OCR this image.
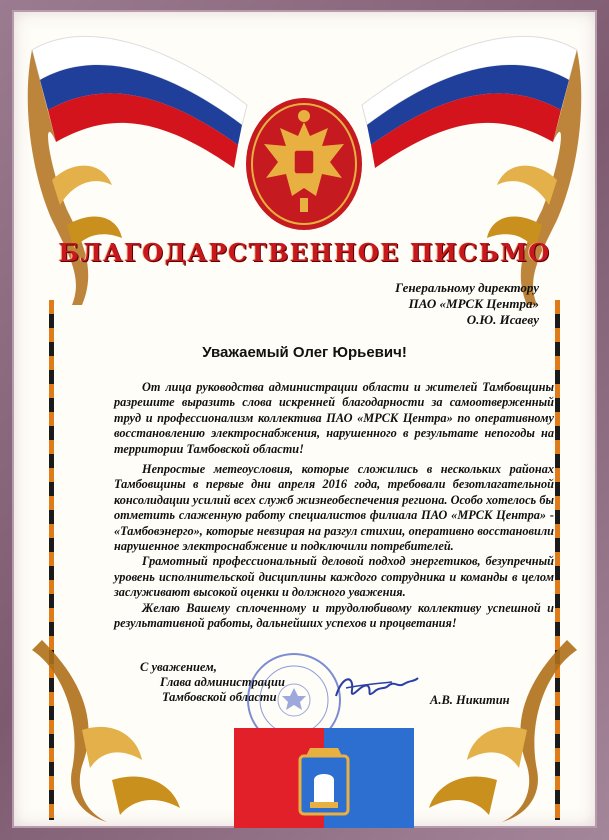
БЛАГОДАРСТВЕННОЕ ПИСЬМО
Генеральному директору
ПАО «МРСК Центра»
О.Ю. Исаеву
Уважаемый Олег Юрьевич!

От лица руководства администрации области и жителей Тамбовщины разрешите выразить слова искренней благодарности за самоотверженный труд и профессионализм коллектива ПАО «МРСК Центра» по оперативному восстановлению электроснабжения, нарушенного в результате непогоды на территории Тамбовской области!

Непростые метеоусловия, которые сложились в нескольких районах Тамбовщины в первые дни апреля 2016 года, требовали безотлагательной консолидации усилий всех служб жизнеобеспечения региона. Особо хотелось бы отметить слаженную работу специалистов филиала ПАО «МРСК Центра» - «Тамбовэнерго», которые невзирая на разгул стихии, оперативно восстановили нарушенное электроснабжение и подключили потребителей.

Грамотный профессиональный деловой подход энергетиков, безупречный уровень исполнительской дисциплины каждого сотрудника и команды в целом заслуживают высокой оценки и должного уважения.

Желаю Вашему сплоченному и трудолюбивому коллективу успешной и результативной работы, дальнейших успехов и процветания!

С уважением,
Глава администрации
Тамбовской области	А.В. Никитин
